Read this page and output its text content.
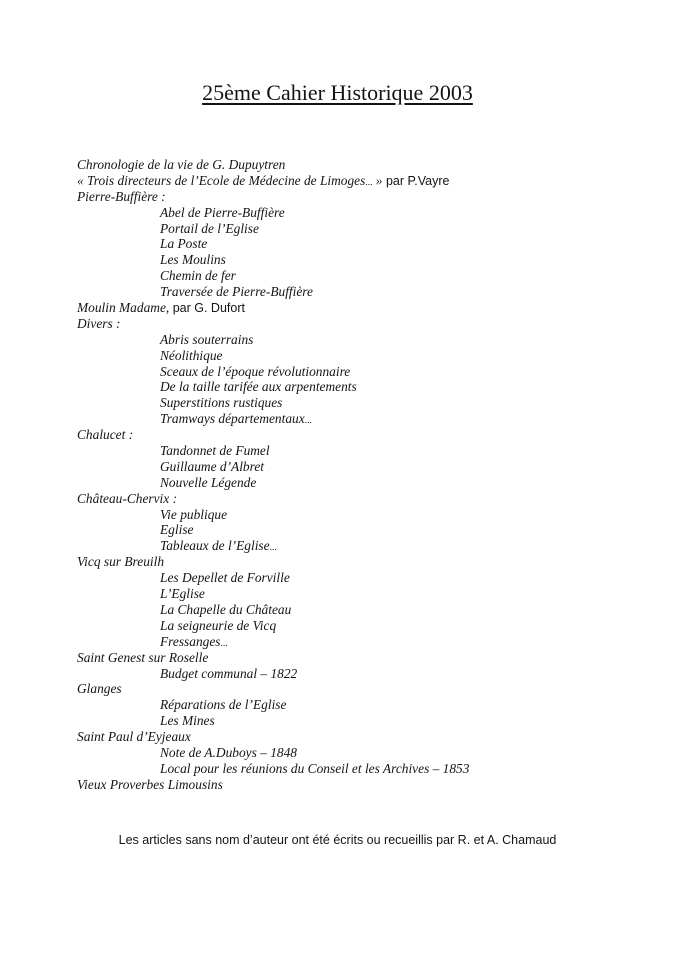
25ème Cahier Historique 2003
Chronologie de la vie de G. Dupuytren
« Trois directeurs de l’Ecole de Médecine de Limoges... » par P.Vayre
Pierre-Buffière :
Abel de Pierre-Buffière
Portail de l’Eglise
La Poste
Les Moulins
Chemin de fer
Traversée de Pierre-Buffière
Moulin Madame, par G. Dufort
Divers :
Abris souterrains
Néolithique
Sceaux de l’époque révolutionnaire
De la taille tarifée aux arpentements
Superstitions rustiques
Tramways départementaux...
Chalucet :
Tandonnet de Fumel
Guillaume d’Albret
Nouvelle Légende
Château-Chervix :
Vie publique
Eglise
Tableaux de l’Eglise...
Vicq sur Breuilh
Les Depellet de Forville
L’Eglise
La Chapelle du Château
La seigneurie de Vicq
Fressanges...
Saint Genest sur Roselle
Budget communal – 1822
Glanges
Réparations de l’Eglise
Les Mines
Saint Paul d’Eyjeaux
Note de A.Duboys – 1848
Local pour les réunions du Conseil et les Archives – 1853
Vieux Proverbes Limousins
Les articles sans nom d’auteur ont été écrits ou recueillis par R. et A. Chamaud
